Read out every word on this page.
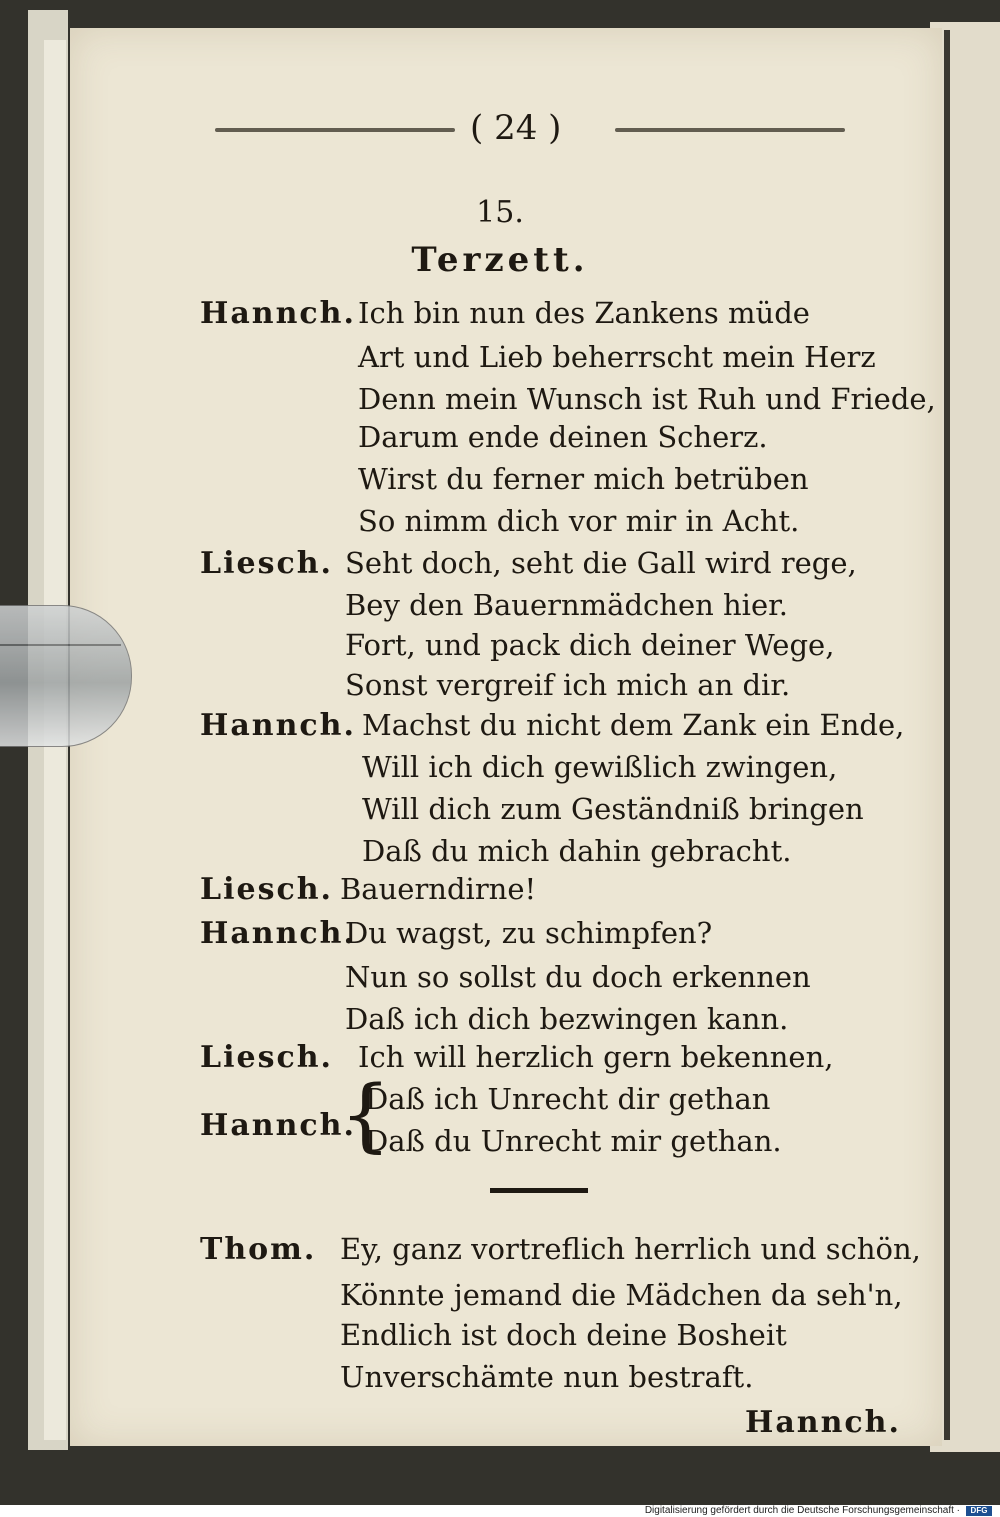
( 24 )
15.
Terzett.
Hannch. Ich bin nun des Zankens müde
Art und Lieb beherrscht mein Herz
Denn mein Wunsch ist Ruh und Friede,
Darum ende deinen Scherz.
Wirst du ferner mich betrüben
So nimm dich vor mir in Acht.
Liesch. Seht doch, seht die Gall wird rege,
Bey den Bauernmädchen hier.
Fort, und pack dich deiner Wege,
Sonst vergreif ich mich an dir.
Hannch. Machst du nicht dem Zank ein Ende,
Will ich dich gewißlich zwingen,
Will dich zum Geständniß bringen
Daß du mich dahin gebracht.
Liesch. Bauerndirne!
Hannch.
Du wagst, zu schimpfen?
Nun so sollst du doch erkennen
Daß ich dich bezwingen kann.
Liesch. Ich will herzlich gern bekennen,
Hannch.
{
Daß ich Unrecht dir gethan
Daß du Unrecht mir gethan.
Thom. Ey, ganz vortreflich herrlich und schön,
Könnte jemand die Mädchen da seh'n,
Endlich ist doch deine Bosheit
Unverschämte nun bestraft.
Hannch.
Digitalisierung gefördert durch die Deutsche Forschungsgemeinschaft ·	DFG
